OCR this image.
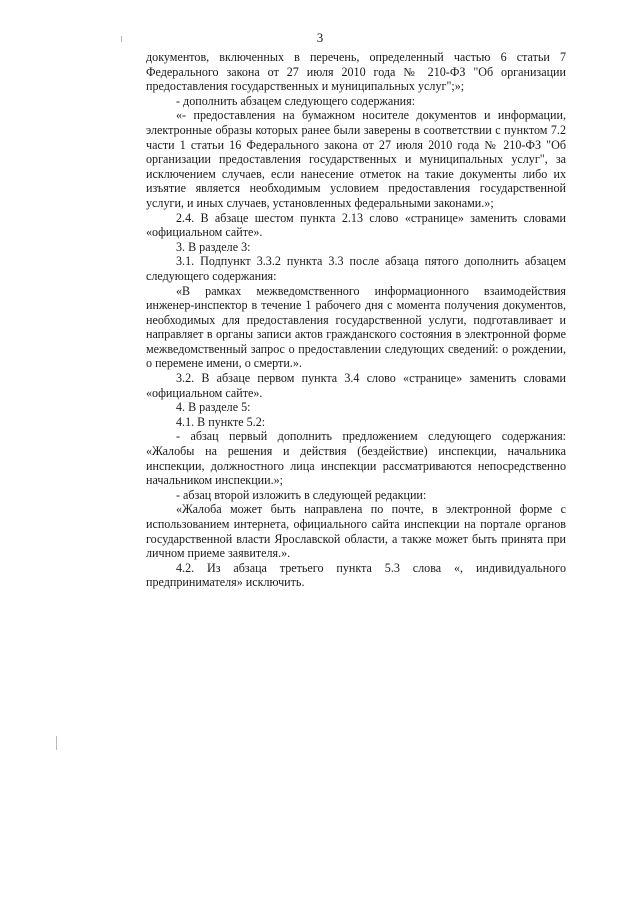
3

документов, включенных в перечень, определенный частью 6 статьи 7 Федерального закона от 27 июля 2010 года № 210-ФЗ "Об организации предоставления государственных и муниципальных услуг";»;

- дополнить абзацем следующего содержания:

«- предоставления на бумажном носителе документов и информации, электронные образы которых ранее были заверены в соответствии с пунктом 7.2 части 1 статьи 16 Федерального закона от 27 июля 2010 года № 210-ФЗ "Об организации предоставления государственных и муниципальных услуг", за исключением случаев, если нанесение отметок на такие документы либо их изъятие является необходимым условием предоставления государственной услуги, и иных случаев, установленных федеральными законами.»;

2.4. В абзаце шестом пункта 2.13 слово «странице» заменить словами «официальном сайте».

3. В разделе 3:

3.1. Подпункт 3.3.2 пункта 3.3 после абзаца пятого дополнить абзацем следующего содержания:

«В рамках межведомственного информационного взаимодействия инженер-инспектор в течение 1 рабочего дня с момента получения документов, необходимых для предоставления государственной услуги, подготавливает и направляет в органы записи актов гражданского состояния в электронной форме межведомственный запрос о предоставлении следующих сведений: о рождении, о перемене имени, о смерти.».

3.2. В абзаце первом пункта 3.4 слово «странице» заменить словами «официальном сайте».

4. В разделе 5:

4.1. В пункте 5.2:

- абзац первый дополнить предложением следующего содержания: «Жалобы на решения и действия (бездействие) инспекции, начальника инспекции, должностного лица инспекции рассматриваются непосредственно начальником инспекции.»;

- абзац второй изложить в следующей редакции:

«Жалоба может быть направлена по почте, в электронной форме с использованием интернета, официального сайта инспекции на портале органов государственной власти Ярославской области, а также может быть принята при личном приеме заявителя.».

4.2. Из абзаца третьего пункта 5.3 слова «, индивидуального предпринимателя» исключить.
